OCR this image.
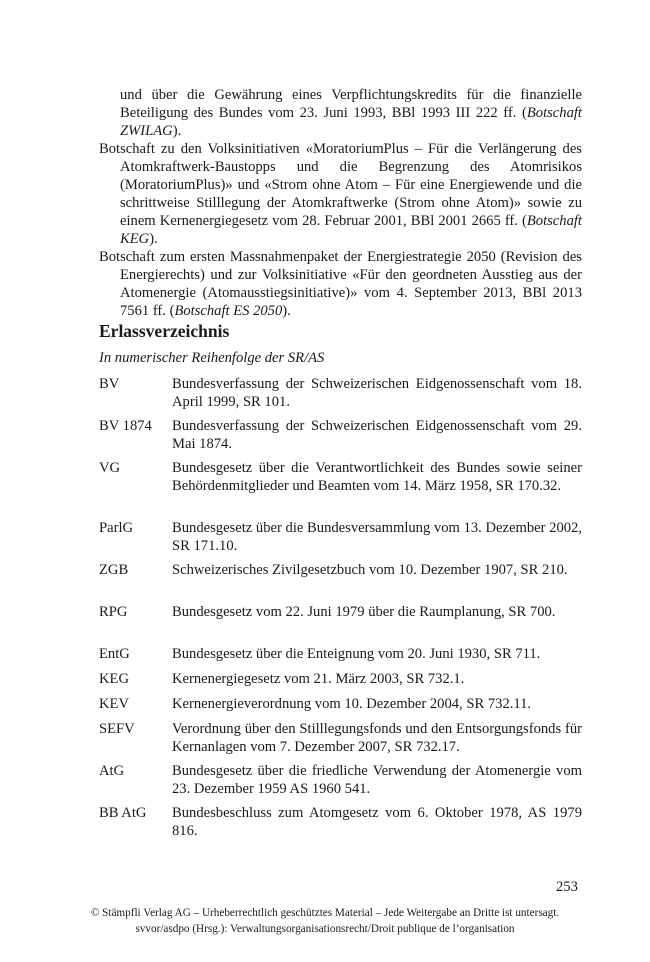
und über die Gewährung eines Verpflichtungskredits für die finanzielle Beteiligung des Bundes vom 23. Juni 1993, BBl 1993 III 222 ff. (Botschaft ZWILAG).

Botschaft zu den Volksinitiativen «MoratoriumPlus – Für die Verlängerung des Atomkraftwerk-Baustopps und die Begrenzung des Atomrisikos (MoratoriumPlus)» und «Strom ohne Atom – Für eine Energiewende und die schrittweise Stilllegung der Atomkraftwerke (Strom ohne Atom)» sowie zu einem Kernenergiegesetz vom 28. Februar 2001, BBl 2001 2665 ff. (Botschaft KEG).

Botschaft zum ersten Massnahmenpaket der Energiestrategie 2050 (Revision des Energierechts) und zur Volksinitiative «Für den geordneten Ausstieg aus der Atomenergie (Atomausstiegsinitiative)» vom 4. September 2013, BBl 2013 7561 ff. (Botschaft ES 2050).

Erlassverzeichnis

In numerischer Reihenfolge der SR/AS

BV	Bundesverfassung der Schweizerischen Eidgenossenschaft vom 18. April 1999, SR 101.
BV 1874	Bundesverfassung der Schweizerischen Eidgenossenschaft vom 29. Mai 1874.
VG	Bundesgesetz über die Verantwortlichkeit des Bundes sowie seiner Behördenmitglieder und Beamten vom 14. März 1958, SR 170.32.
ParlG	Bundesgesetz über die Bundesversammlung vom 13. Dezember 2002, SR 171.10.
ZGB	Schweizerisches Zivilgesetzbuch vom 10. Dezember 1907, SR 210.
RPG	Bundesgesetz vom 22. Juni 1979 über die Raumplanung, SR 700.
EntG	Bundesgesetz über die Enteignung vom 20. Juni 1930, SR 711.
KEG	Kernenergiegesetz vom 21. März 2003, SR 732.1.
KEV	Kernenergieverordnung vom 10. Dezember 2004, SR 732.11.
SEFV	Verordnung über den Stilllegungsfonds und den Entsorgungsfonds für Kernanlagen vom 7. Dezember 2007, SR 732.17.
AtG	Bundesgesetz über die friedliche Verwendung der Atomenergie vom 23. Dezember 1959 AS 1960 541.
BB AtG	Bundesbeschluss zum Atomgesetz vom 6. Oktober 1978, AS 1979 816.
253
© Stämpfli Verlag AG – Urheberrechtlich geschütztes Material – Jede Weitergabe an Dritte ist untersagt.
svvor/asdpo (Hrsg.): Verwaltungsorganisationsrecht/Droit publique de l’organisation
